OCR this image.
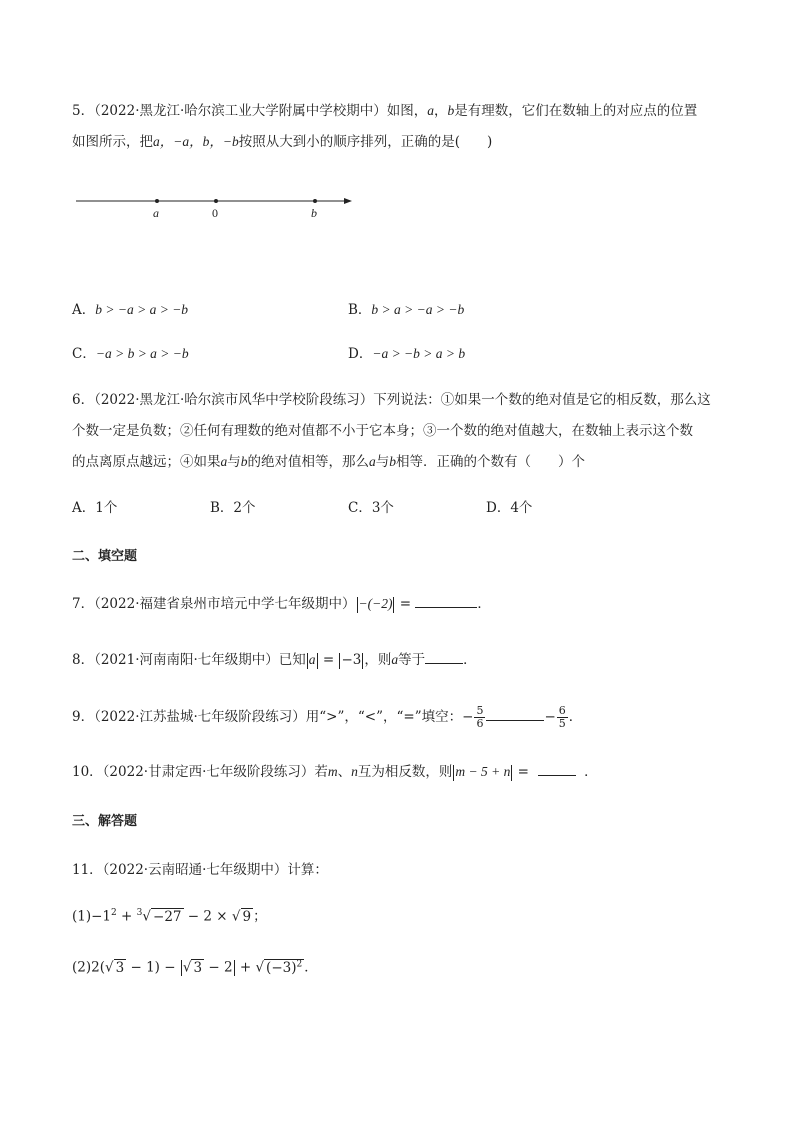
5．（2022·黑龙江·哈尔滨工业大学附属中学校期中）如图，a，b是有理数，它们在数轴上的对应点的位置
如图所示，把a，−a，b，−b按照从大到小的顺序排列，正确的是(　　)
a	0	b
A．b > −a > a > −b	B．b > a > −a > −b
C．−a > b > a > −b	D．−a > −b > a > b
6．（2022·黑龙江·哈尔滨市风华中学校阶段练习）下列说法：①如果一个数的绝对值是它的相反数，那么这
个数一定是负数；②任何有理数的绝对值都不小于它本身；③一个数的绝对值越大，在数轴上表示这个数
的点离原点越远；④如果a与b的绝对值相等，那么a与b相等．正确的个数有（　　）个
A．1个	B．2个	C．3个	D．4个
二、填空题
7．（2022·福建省泉州市培元中学七年级期中） −(−2) =	．
8．（2021·河南南阳·七年级期中）已知 a = −3 ，则a等于	．
9．（2022·江苏盐城·七年级阶段练习）用“>”，“<”，“=”填空：− $\frac{5}{6}$	− $\frac{6}{5}$ ．
10．（2022·甘肃定西·七年级阶段练习）若m、n互为相反数，则 m − 5 + n =	．
三、解答题
11．（2022·云南昭通·七年级期中）计算：
$(1)-1^2 + ^3√ -27 - 2$ × √ 9 ；
(2)2(√ 3 − 1) − √ 3 − 2 + √ $(-3)^2$ ．
